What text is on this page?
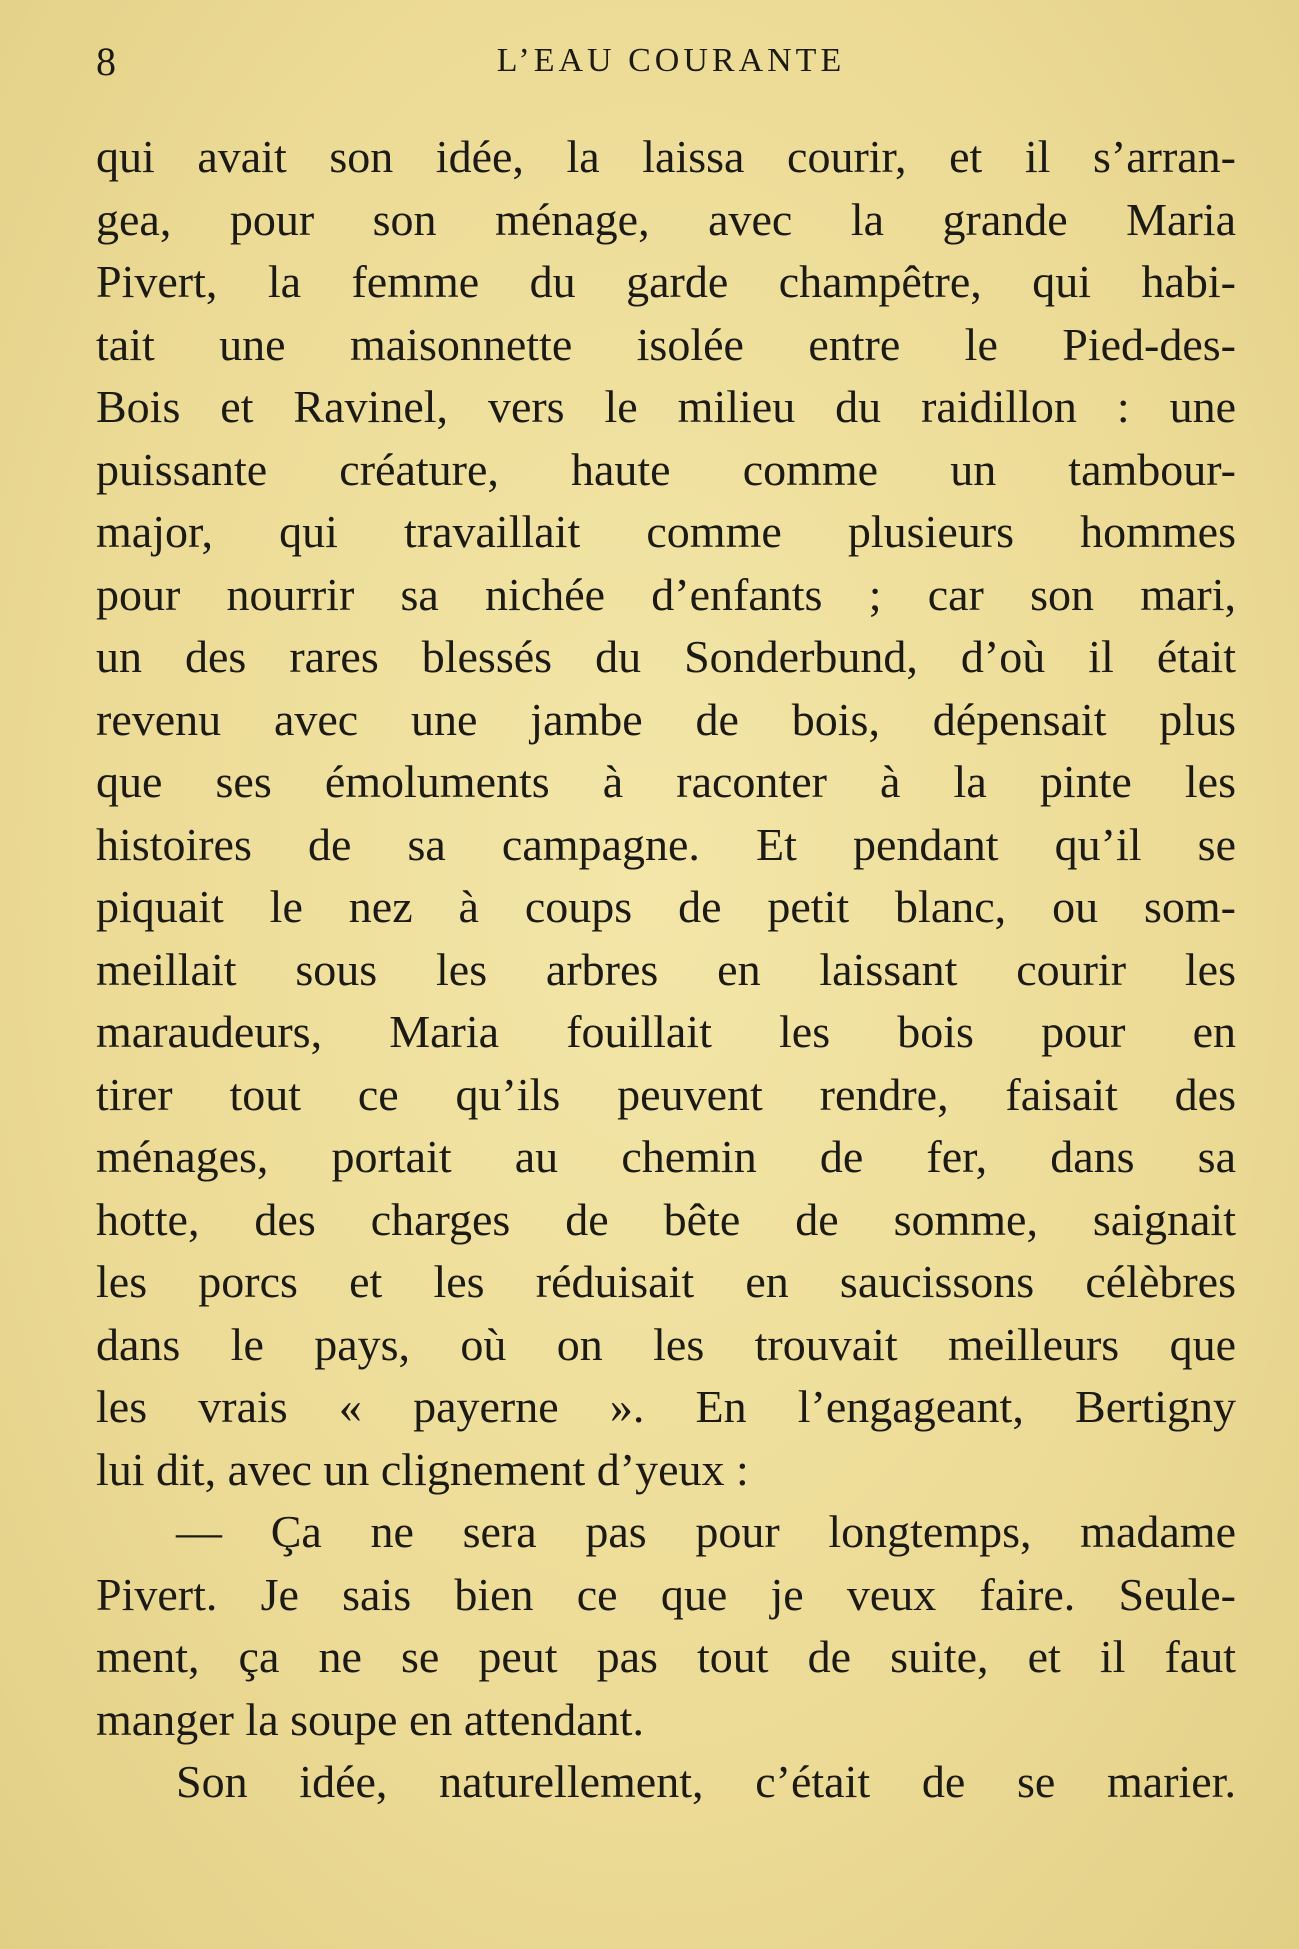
8	L’EAU COURANTE
qui avait son idée, la laissa courir, et il s’arran-
gea, pour son ménage, avec la grande Maria
Pivert, la femme du garde champêtre, qui habi-
tait une maisonnette isolée entre le Pied-des-
Bois et Ravinel, vers le milieu du raidillon : une
puissante créature, haute comme un tambour-
major, qui travaillait comme plusieurs hommes
pour nourrir sa nichée d’enfants ; car son mari,
un des rares blessés du Sonderbund, d’où il était
revenu avec une jambe de bois, dépensait plus
que ses émoluments à raconter à la pinte les
histoires de sa campagne. Et pendant qu’il se
piquait le nez à coups de petit blanc, ou som-
meillait sous les arbres en laissant courir les
maraudeurs, Maria fouillait les bois pour en
tirer tout ce qu’ils peuvent rendre, faisait des
ménages, portait au chemin de fer, dans sa
hotte, des charges de bête de somme, saignait
les porcs et les réduisait en saucissons célèbres
dans le pays, où on les trouvait meilleurs que
les vrais « payerne ». En l’engageant, Bertigny
lui dit, avec un clignement d’yeux :
— Ça ne sera pas pour longtemps, madame
Pivert. Je sais bien ce que je veux faire. Seule-
ment, ça ne se peut pas tout de suite, et il faut
manger la soupe en attendant.
Son idée, naturellement, c’était de se marier.
